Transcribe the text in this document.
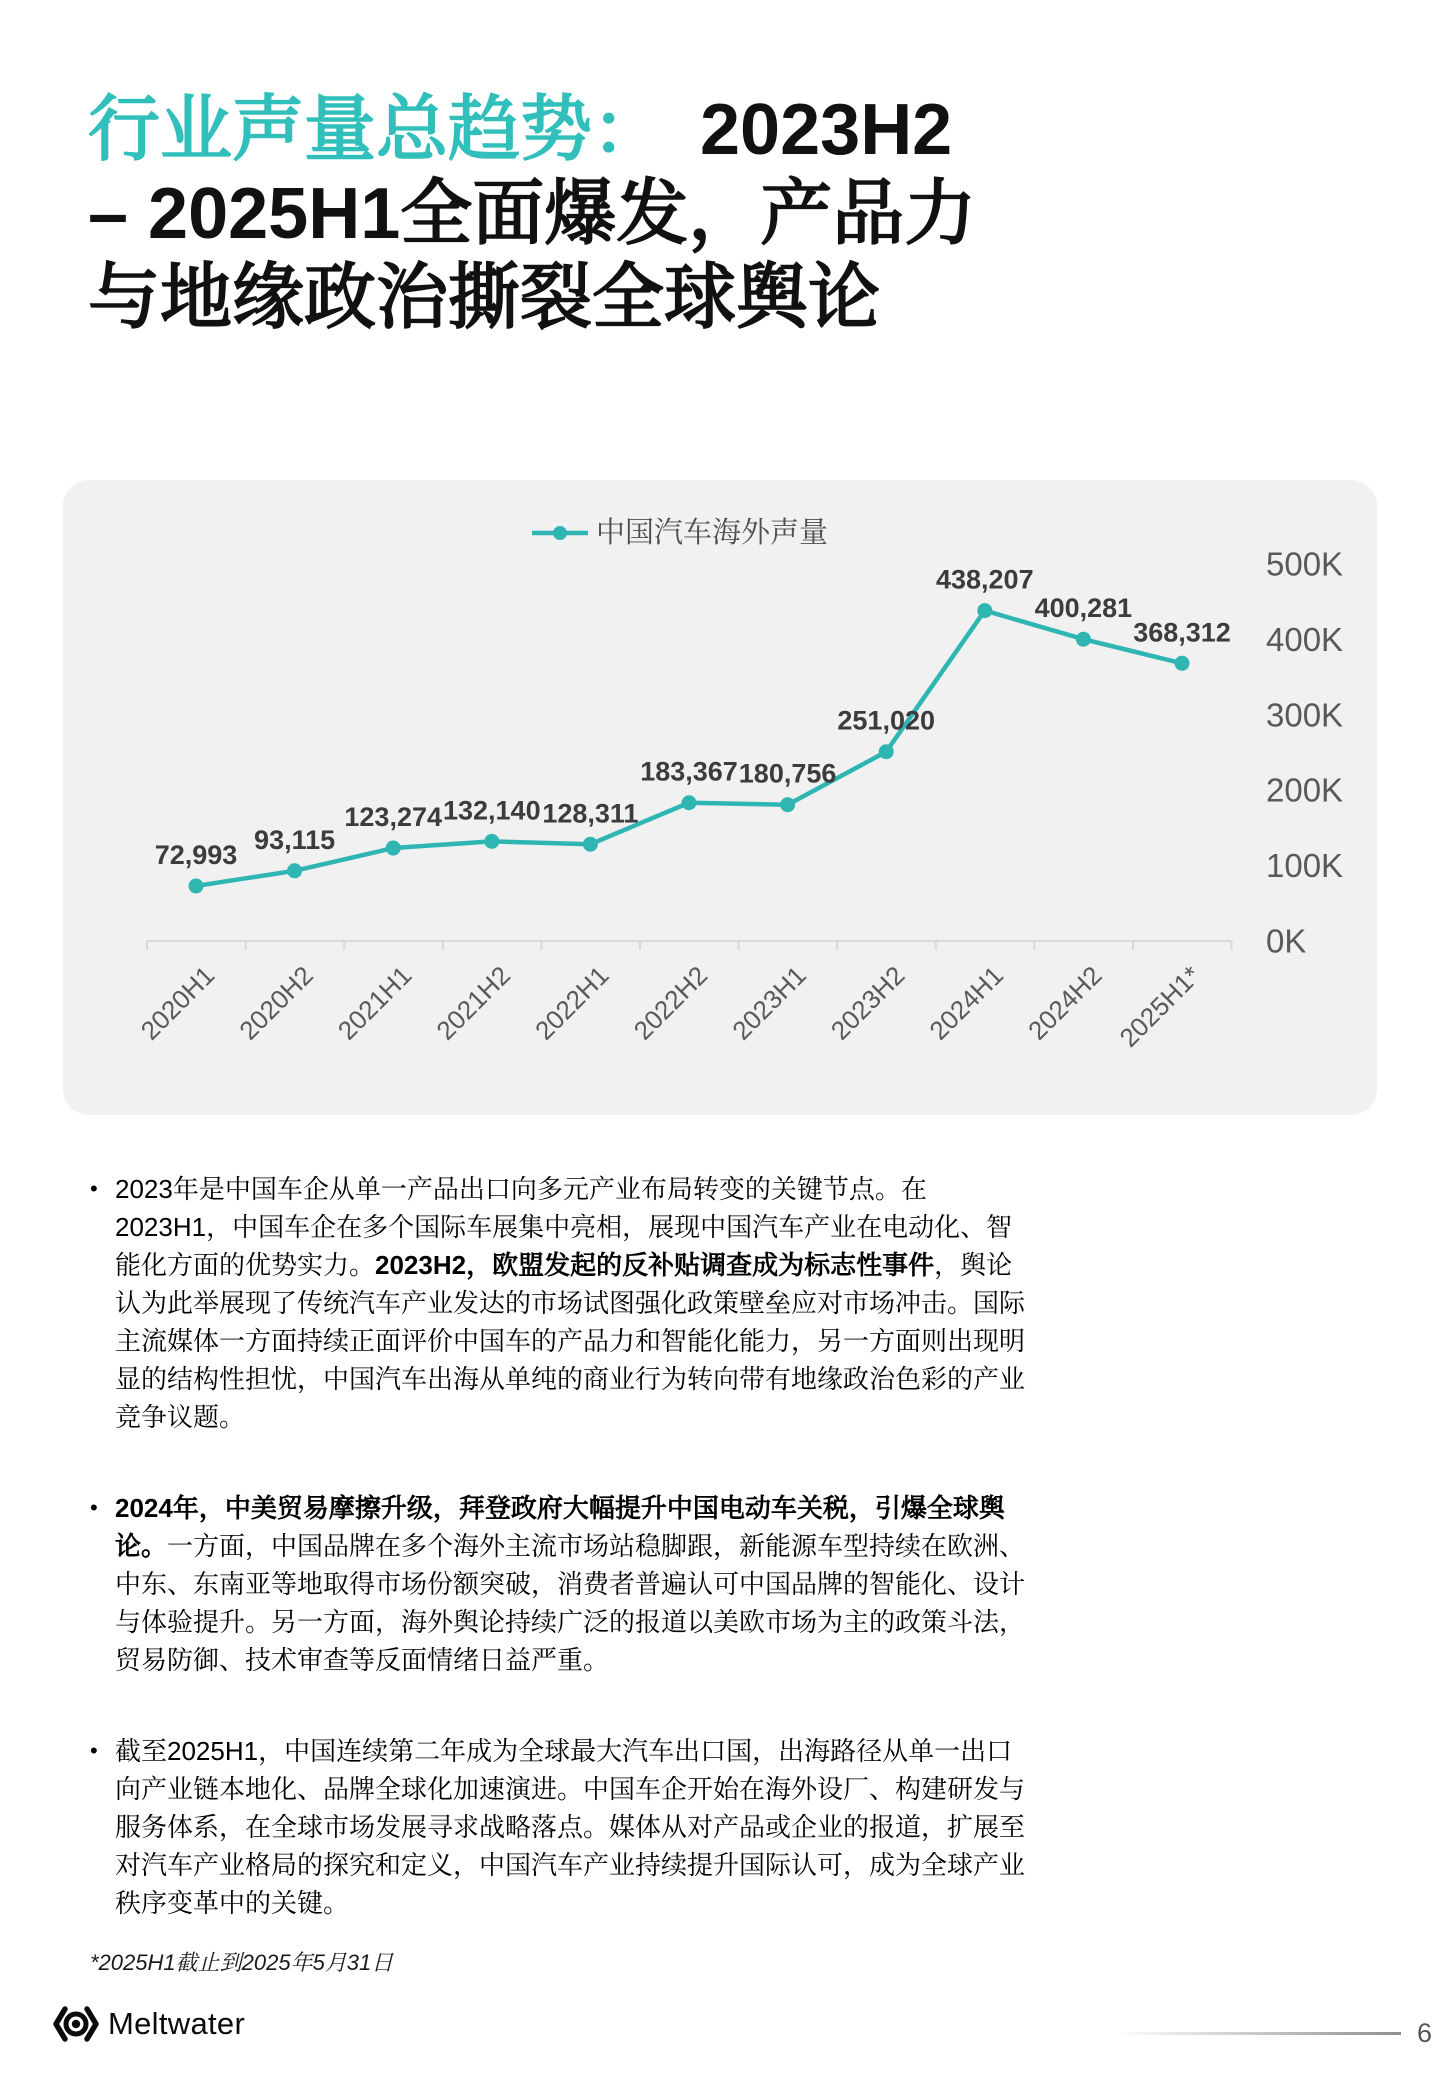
行业声量总趋势：　2023H2 – 2025H1全面爆发，产品力与地缘政治撕裂全球舆论
500K
400K
300K
200K
100K
0K
2020H1 2020H2 2021H1 2021H2 2022H1 2022H2 2023H1 2023H2 2024H1 2024H2 2025H1*
72,993
93,115
123,274 132,140 128,311
183,367 180,756
251,020
438,207
400,281
368,312
中国汽车海外声量
• 2023年是中国车企从单一产品出口向多元产业布局转变的关键节点。在2023H1，中国车企在多个国际车展集中亮相，展现中国汽车产业在电动化、智能化方面的优势实力。2023H2，欧盟发起的反补贴调查成为标志性事件，舆论认为此举展现了传统汽车产业发达的市场试图强化政策壁垒应对市场冲击。国际主流媒体一方面持续正面评价中国车的产品力和智能化能力，另一方面则出现明显的结构性担忧，中国汽车出海从单纯的商业行为转向带有地缘政治色彩的产业竞争议题。
• 2024年，中美贸易摩擦升级，拜登政府大幅提升中国电动车关税，引爆全球舆论。一方面，中国品牌在多个海外主流市场站稳脚跟，新能源车型持续在欧洲、中东、东南亚等地取得市场份额突破，消费者普遍认可中国品牌的智能化、设计与体验提升。另一方面，海外舆论持续广泛的报道以美欧市场为主的政策斗法，贸易防御、技术审查等反面情绪日益严重。
• 截至2025H1，中国连续第二年成为全球最大汽车出口国，出海路径从单一出口向产业链本地化、品牌全球化加速演进。中国车企开始在海外设厂、构建研发与服务体系，在全球市场发展寻求战略落点。媒体从对产品或企业的报道，扩展至对汽车产业格局的探究和定义，中国汽车产业持续提升国际认可，成为全球产业秩序变革中的关键。
*2025H1截止到2025年5月31日
Meltwater	6
